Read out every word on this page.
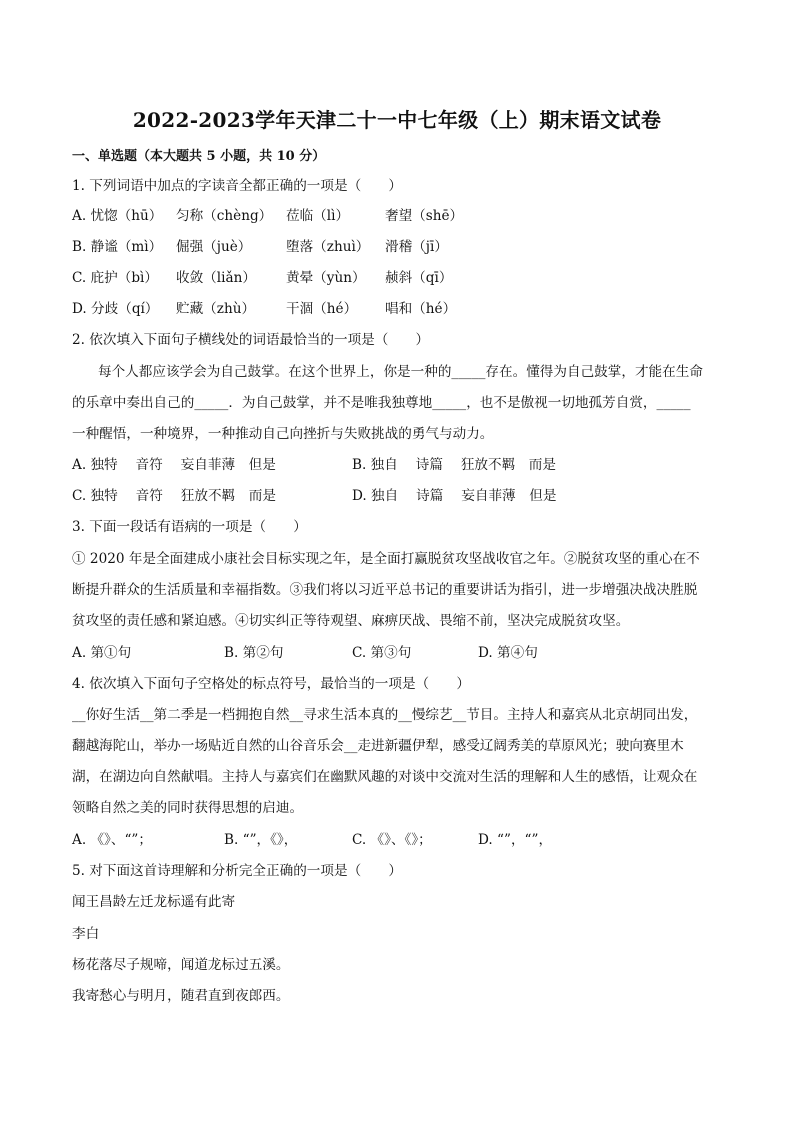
2022-2023学年天津二十一中七年级（上）期末语文试卷
一、单选题（本大题共 5 小题，共 10 分）
1. 下列词语中加点的字读音全都正确的一项是（　　）
A. 忧惚（hū） 匀称（chèng） 莅临（lì）	奢望（shē）
B. 静谧（mì） 倔强（juè）	堕落（zhuì） 滑稽（jī）
C. 庇护（bì） 收敛（liǎn） 黄晕（yùn） 赪斜（qī）
D. 分歧（qí） 贮藏（zhù） 干涸（hé） 唱和（hé）
2. 依次填入下面句子横线处的词语最恰当的一项是（　　）
每个人都应该学会为自己鼓掌。在这个世界上，你是一种的_____存在。懂得为自己鼓掌，才能在生命
的乐章中奏出自己的_____．为自己鼓掌，并不是唯我独尊地_____，也不是傲视一切地孤芳自赏，_____
一种醒悟，一种境界，一种推动自己向挫折与失败挑战的勇气与动力。
A. 独特　 音符　 妄自菲薄　但是	B. 独自　 诗篇　 狂放不羁　而是
C. 独特　 音符　 狂放不羁　而是	D. 独自　 诗篇　 妄自菲薄　但是
3. 下面一段话有语病的一项是（　　）
① 2020 年是全面建成小康社会目标实现之年，是全面打赢脱贫攻坚战收官之年。②脱贫攻坚的重心在不
断提升群众的生活质量和幸福指数。③我们将以习近平总书记的重要讲话为指引，进一步增强决战决胜脱
贫攻坚的责任感和紧迫感。④切实纠正等待观望、麻痹厌战、畏缩不前，坚决完成脱贫攻坚。
A. 第①句	B. 第②句	C. 第③句	D. 第④句
4. 依次填入下面句子空格处的标点符号，最恰当的一项是（　　）
__你好生活__第二季是一档拥抱自然__寻求生活本真的__慢综艺__节目。主持人和嘉宾从北京胡同出发，
翻越海陀山，举办一场贴近自然的山谷音乐会__走进新疆伊犁，感受辽阔秀美的草原风光；驶向赛里木
湖，在湖边向自然献唱。主持人与嘉宾们在幽默风趣的对谈中交流对生活的理解和人生的感悟，让观众在
领略自然之美的同时获得思想的启迪。
A. 《》、“”；	B. “”，《》，	C. 《》、《》；	D. “”，“”，
5. 对下面这首诗理解和分析完全正确的一项是（　　）
闻王昌龄左迁龙标遥有此寄
李白
杨花落尽子规啼，闻道龙标过五溪。
我寄愁心与明月，随君直到夜郎西。
